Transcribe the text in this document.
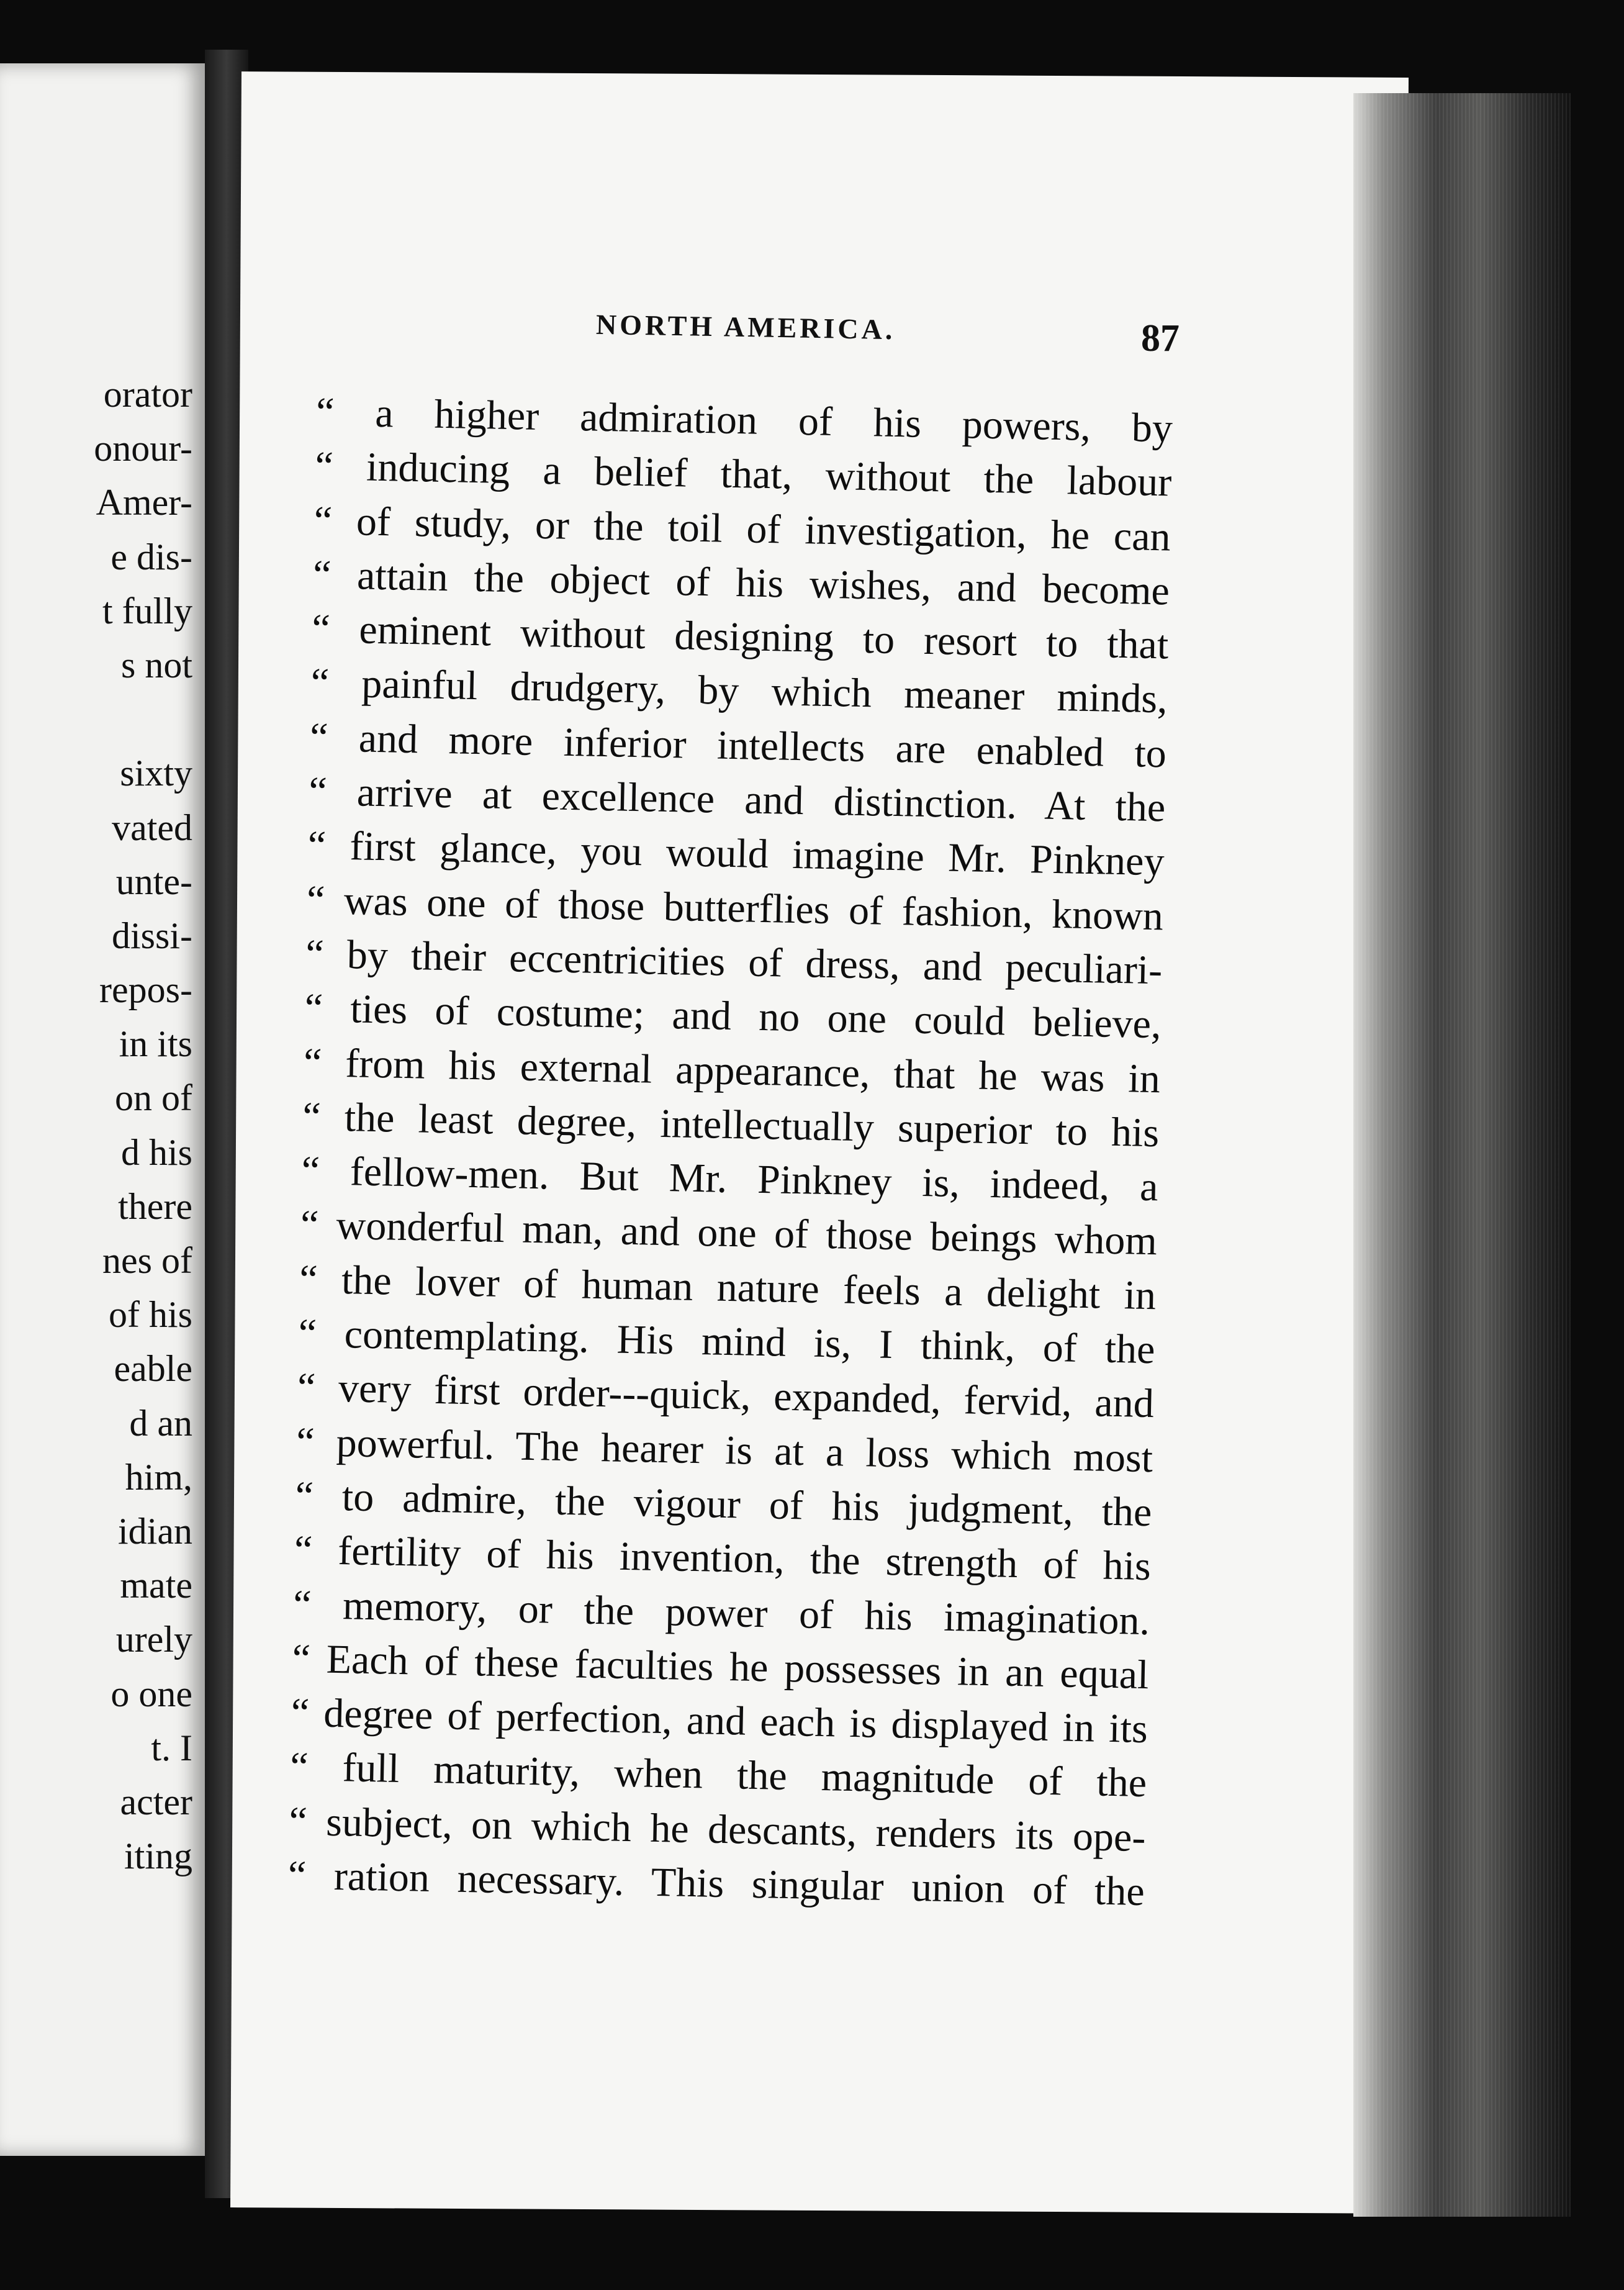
orator
onour-
Amer-
e dis-
t fully
s not
sixty
vated
unte-
dissi-
repos-
in its
on of
d his
there
nes of
of his
eable
d an
him,
idian
mate
urely
o one
t. I
acter
iting
NORTH AMERICA.	87
“ a higher admiration of his powers, by
“ inducing a belief that, without the labour
“ of study, or the toil of investigation, he can
“ attain the object of his wishes, and become
“ eminent without designing to resort to that
“ painful drudgery, by which meaner minds,
“ and more inferior intellects are enabled to
“ arrive at excellence and distinction. At the
“ first glance, you would imagine Mr. Pinkney
“ was one of those butterflies of fashion, known
“ by their eccentricities of dress, and peculiari-
“ ties of costume; and no one could believe,
“ from his external appearance, that he was in
“ the least degree, intellectually superior to his
“ fellow-men. But Mr. Pinkney is, indeed, a
“ wonderful man, and one of those beings whom
“ the lover of human nature feels a delight in
“ contemplating. His mind is, I think, of the
“ very first order---quick, expanded, fervid, and
“ powerful. The hearer is at a loss which most
“ to admire, the vigour of his judgment, the
“ fertility of his invention, the strength of his
“ memory, or the power of his imagination.
“ Each of these faculties he possesses in an equal
“ degree of perfection, and each is displayed in its
“ full maturity, when the magnitude of the
“ subject, on which he descants, renders its ope-
“ ration necessary. This singular union of the
